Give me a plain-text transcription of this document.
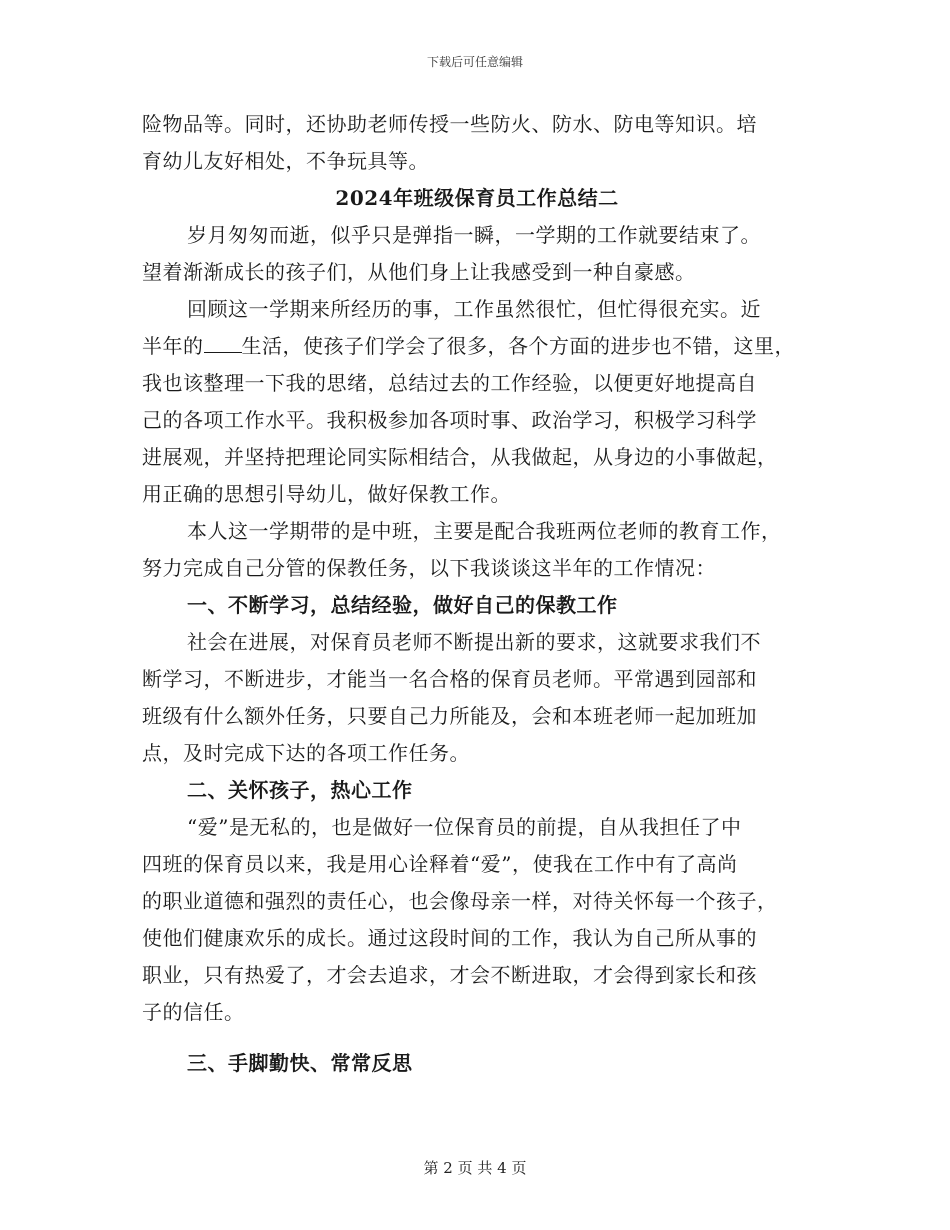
下载后可任意编辑
险物品等。同时，还协助老师传授一些防火、防水、防电等知识。培
育幼儿友好相处，不争玩具等。
2024年班级保育员工作总结二
岁月匆匆而逝，似乎只是弹指一瞬，一学期的工作就要结束了。
望着渐渐成长的孩子们，从他们身上让我感受到一种自豪感。
回顾这一学期来所经历的事，工作虽然很忙，但忙得很充实。近
半年的 生活，使孩子们学会了很多，各个方面的进步也不错，这里，
我也该整理一下我的思绪，总结过去的工作经验，以便更好地提高自
己的各项工作水平。我积极参加各项时事、政治学习，积极学习科学
进展观，并坚持把理论同实际相结合，从我做起，从身边的小事做起，
用正确的思想引导幼儿，做好保教工作。
本人这一学期带的是中班，主要是配合我班两位老师的教育工作，
努力完成自己分管的保教任务，以下我谈谈这半年的工作情况：
一、不断学习，总结经验，做好自己的保教工作
社会在进展，对保育员老师不断提出新的要求，这就要求我们不
断学习，不断进步，才能当一名合格的保育员老师。平常遇到园部和
班级有什么额外任务，只要自己力所能及，会和本班老师一起加班加
点，及时完成下达的各项工作任务。
二、关怀孩子，热心工作
“爱”是无私的，也是做好一位保育员的前提，自从我担任了中
四班的保育员以来，我是用心诠释着“爱”，使我在工作中有了高尚
的职业道德和强烈的责任心，也会像母亲一样，对待关怀每一个孩子，
使他们健康欢乐的成长。通过这段时间的工作，我认为自己所从事的
职业，只有热爱了，才会去追求，才会不断进取，才会得到家长和孩
子的信任。
三、手脚勤快、常常反思
第 2 页 共 4 页
